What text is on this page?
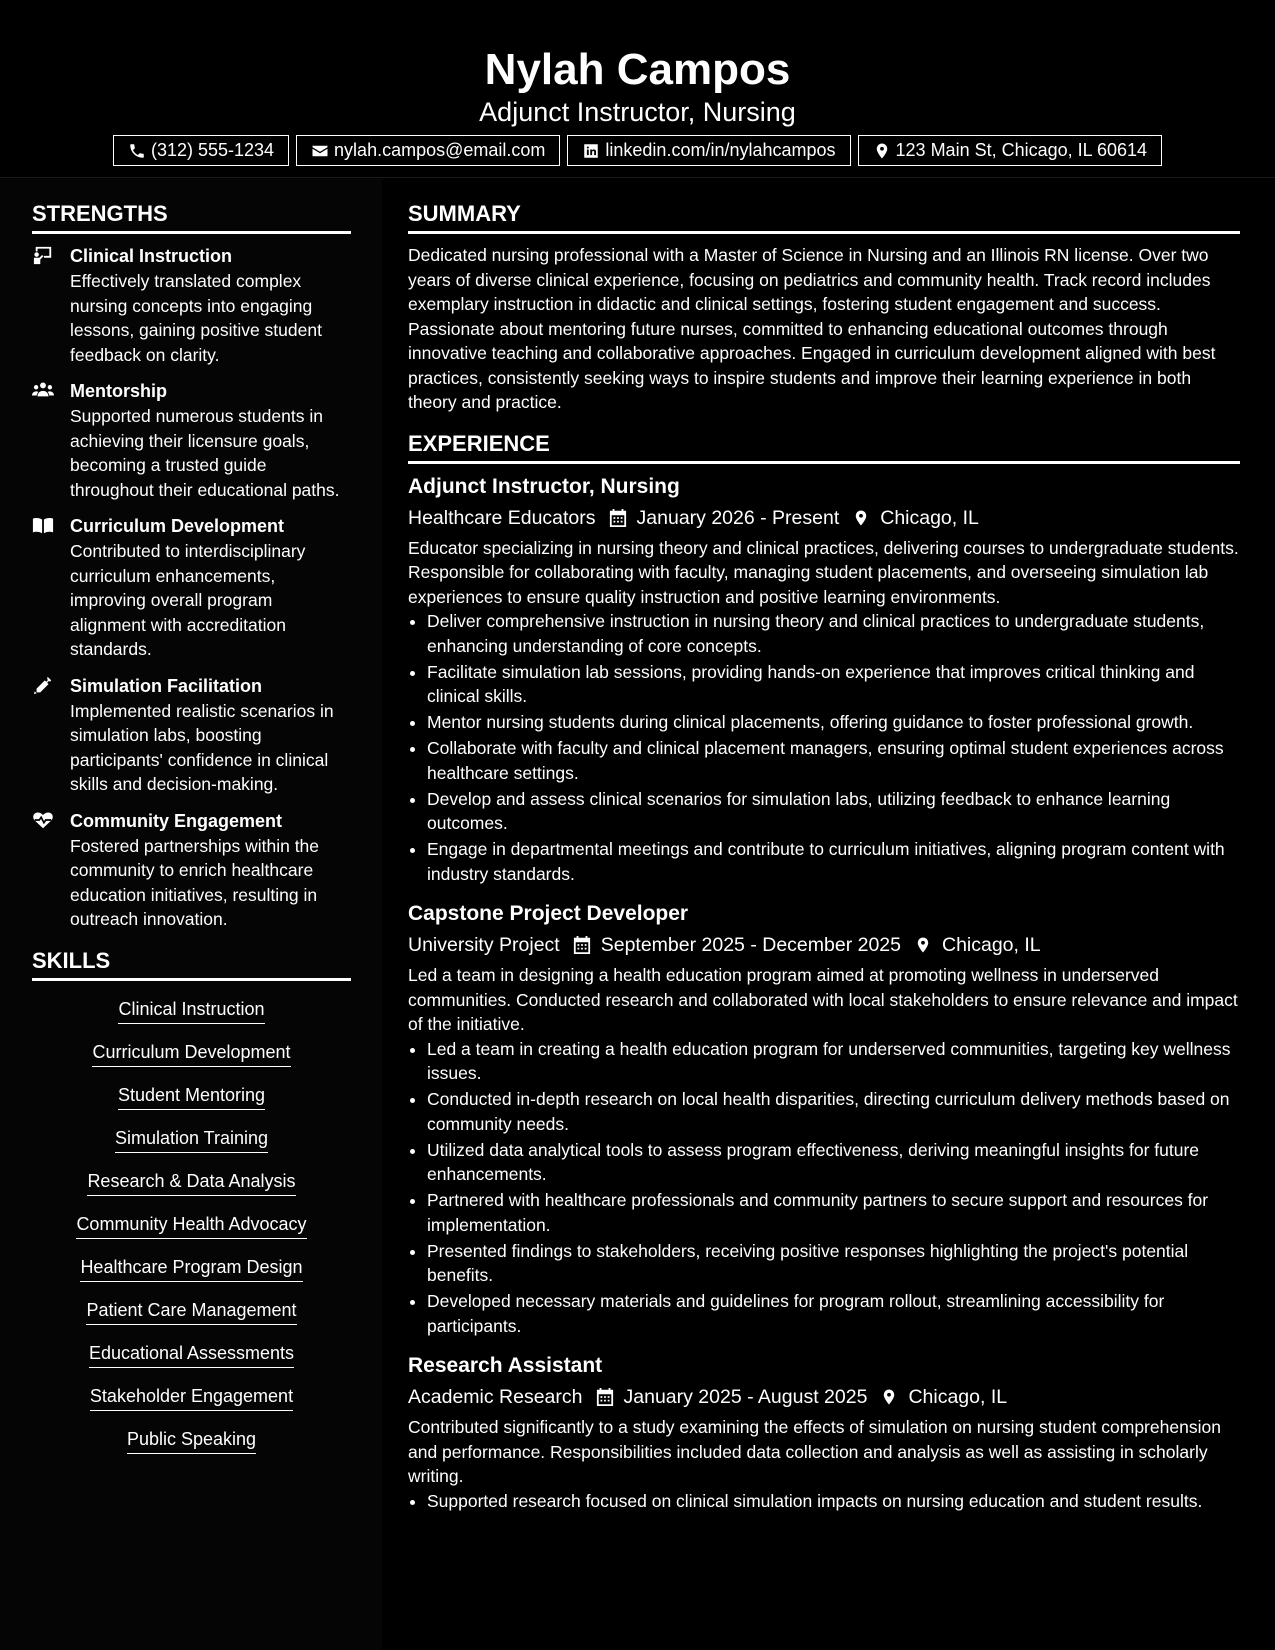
Nylah Campos
Adjunct Instructor, Nursing
(312) 555-1234	nylah.campos@email.com	linkedin.com/in/nylahcampos	123 Main St, Chicago, IL 60614
STRENGTHS
Clinical Instruction
Effectively translated complex nursing concepts into engaging lessons, gaining positive student feedback on clarity.
Mentorship
Supported numerous students in achieving their licensure goals, becoming a trusted guide throughout their educational paths.
Curriculum Development
Contributed to interdisciplinary curriculum enhancements, improving overall program alignment with accreditation standards.
Simulation Facilitation
Implemented realistic scenarios in simulation labs, boosting participants' confidence in clinical skills and decision-making.
Community Engagement
Fostered partnerships within the community to enrich healthcare education initiatives, resulting in outreach innovation.
SKILLS
Clinical Instruction
Curriculum Development
Student Mentoring
Simulation Training
Research & Data Analysis
Community Health Advocacy
Healthcare Program Design
Patient Care Management
Educational Assessments
Stakeholder Engagement
Public Speaking
SUMMARY
Dedicated nursing professional with a Master of Science in Nursing and an Illinois RN license. Over two years of diverse clinical experience, focusing on pediatrics and community health. Track record includes exemplary instruction in didactic and clinical settings, fostering student engagement and success. Passionate about mentoring future nurses, committed to enhancing educational outcomes through innovative teaching and collaborative approaches. Engaged in curriculum development aligned with best practices, consistently seeking ways to inspire students and improve their learning experience in both theory and practice.
EXPERIENCE
Adjunct Instructor, Nursing
Healthcare Educators January 2026 - Present Chicago, IL
Educator specializing in nursing theory and clinical practices, delivering courses to undergraduate students. Responsible for collaborating with faculty, managing student placements, and overseeing simulation lab experiences to ensure quality instruction and positive learning environments.
• Deliver comprehensive instruction in nursing theory and clinical practices to undergraduate students, enhancing understanding of core concepts.
• Facilitate simulation lab sessions, providing hands-on experience that improves critical thinking and clinical skills.
• Mentor nursing students during clinical placements, offering guidance to foster professional growth.
• Collaborate with faculty and clinical placement managers, ensuring optimal student experiences across healthcare settings.
• Develop and assess clinical scenarios for simulation labs, utilizing feedback to enhance learning outcomes.
• Engage in departmental meetings and contribute to curriculum initiatives, aligning program content with industry standards.
Capstone Project Developer
University Project September 2025 - December 2025 Chicago, IL
Led a team in designing a health education program aimed at promoting wellness in underserved communities. Conducted research and collaborated with local stakeholders to ensure relevance and impact of the initiative.
• Led a team in creating a health education program for underserved communities, targeting key wellness issues.
• Conducted in-depth research on local health disparities, directing curriculum delivery methods based on community needs.
• Utilized data analytical tools to assess program effectiveness, deriving meaningful insights for future enhancements.
• Partnered with healthcare professionals and community partners to secure support and resources for implementation.
• Presented findings to stakeholders, receiving positive responses highlighting the project's potential benefits.
• Developed necessary materials and guidelines for program rollout, streamlining accessibility for participants.
Research Assistant
Academic Research January 2025 - August 2025 Chicago, IL
Contributed significantly to a study examining the effects of simulation on nursing student comprehension and performance. Responsibilities included data collection and analysis as well as assisting in scholarly writing.
• Supported research focused on clinical simulation impacts on nursing education and student results.
